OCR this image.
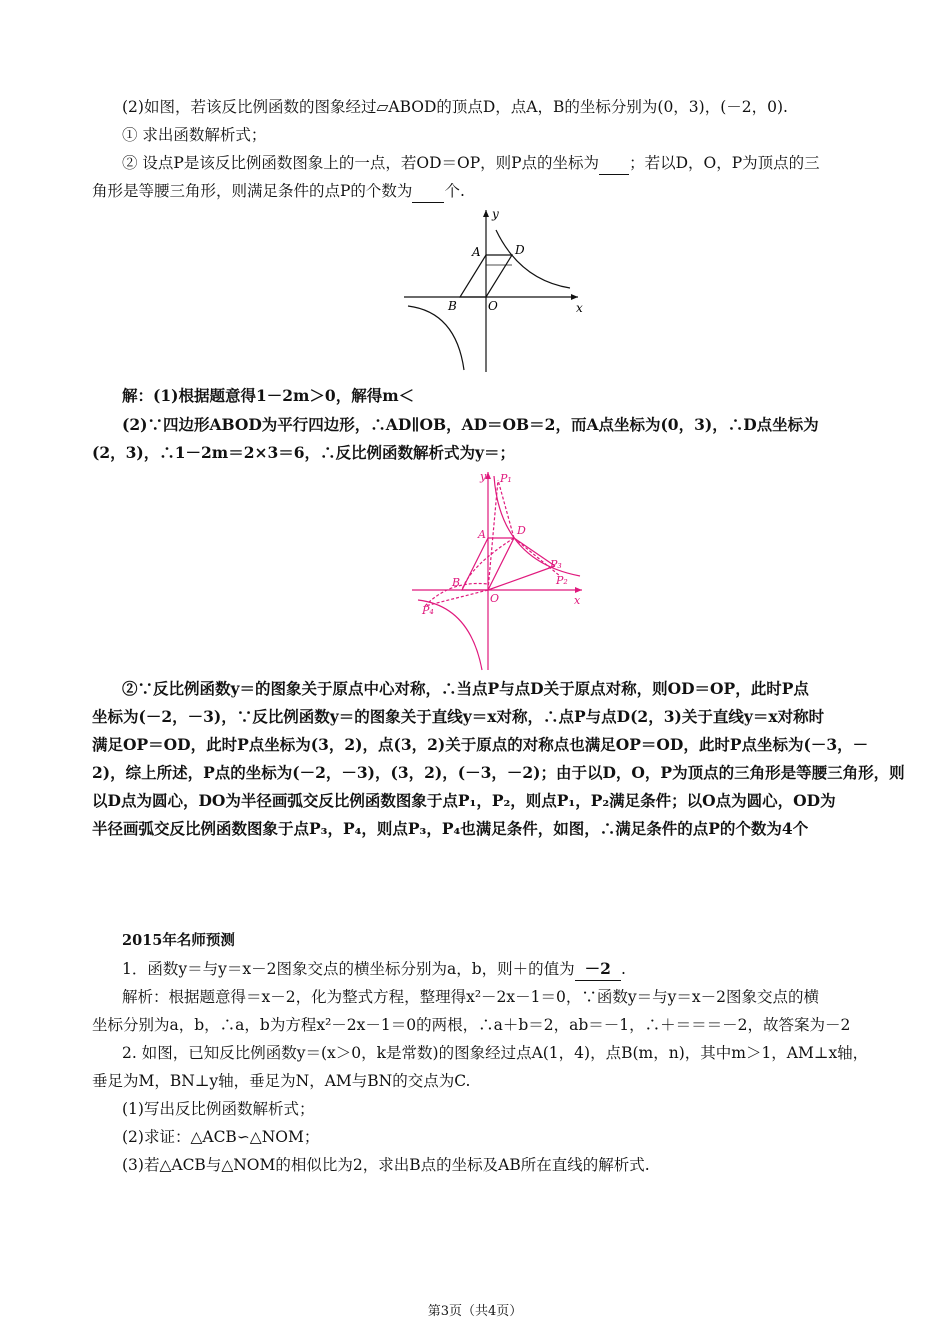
(2)如图，若该反比例函数的图象经过▱ABOD的顶点D，点A，B的坐标分别为(0，3)，(－2，0).
① 求出函数解析式；
② 设点P是该反比例函数图象上的一点，若OD＝OP，则P点的坐标为 ；若以D，O，P为顶点的三
角形是等腰三角形，则满足条件的点P的个数为 个.
y
x
A	D
B	O
解：(1)根据题意得1－2m＞0，解得m＜
(2)∵四边形ABOD为平行四边形，∴AD∥OB，AD＝OB＝2，而A点坐标为(0，3)，∴D点坐标为
(2，3)，∴1－2m＝2×3＝6，∴反比例函数解析式为y＝；
y
x
A	D
B
O
P₁
P₂
P₃
P₄
②∵反比例函数y＝的图象关于原点中心对称，∴当点P与点D关于原点对称，则OD＝OP，此时P点
坐标为(－2，－3)，∵反比例函数y＝的图象关于直线y＝x对称，∴点P与点D(2，3)关于直线y＝x对称时
满足OP＝OD，此时P点坐标为(3，2)，点(3，2)关于原点的对称点也满足OP＝OD，此时P点坐标为(－3，－
2)，综上所述，P点的坐标为(－2，－3)，(3，2)，(－3，－2)；由于以D，O，P为顶点的三角形是等腰三角形，则
以D点为圆心，DO为半径画弧交反比例函数图象于点P₁，P₂，则点P₁，P₂满足条件；以O点为圆心，OD为
半径画弧交反比例函数图象于点P₃，P₄，则点P₃，P₄也满足条件，如图，∴满足条件的点P的个数为4个
2015年名师预测
1．函数y＝与y＝x－2图象交点的横坐标分别为a，b，则＋的值为 －2 .
解析：根据题意得＝x－2，化为整式方程，整理得x²－2x－1＝0，∵函数y＝与y＝x－2图象交点的横
坐标分别为a，b，∴a，b为方程x²－2x－1＝0的两根，∴a＋b＝2，ab＝－1，∴＋＝＝＝－2，故答案为－2
2. 如图，已知反比例函数y＝(x＞0，k是常数)的图象经过点A(1，4)，点B(m，n)，其中m＞1，AM⊥x轴，
垂足为M，BN⊥y轴，垂足为N，AM与BN的交点为C.
(1)写出反比例函数解析式；
(2)求证：△ACB∽△NOM；
(3)若△ACB与△NOM的相似比为2，求出B点的坐标及AB所在直线的解析式.
第3页（共4页）
